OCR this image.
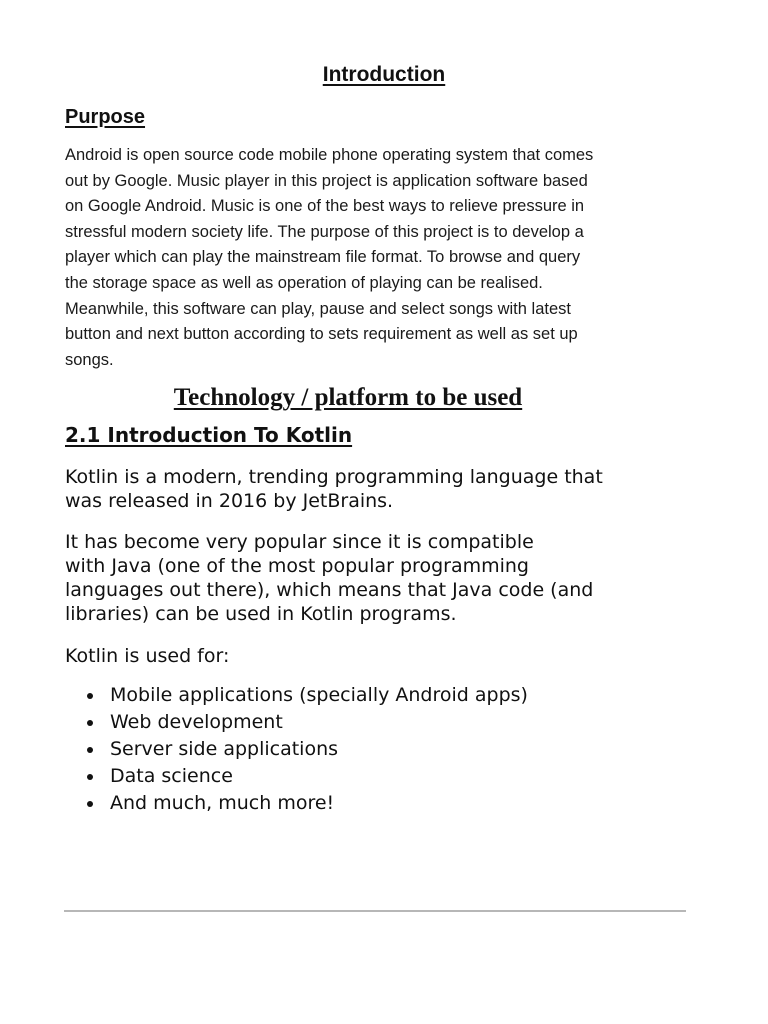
Introduction
Purpose

Android is open source code mobile phone operating system that comes
out by Google. Music player in this project is application software based
on Google Android. Music is one of the best ways to relieve pressure in
stressful modern society life. The purpose of this project is to develop a
player which can play the mainstream file format. To browse and query
the storage space as well as operation of playing can be realised.
Meanwhile, this software can play, pause and select songs with latest
button and next button according to sets requirement as well as set up
songs.

Technology / platform to be used
2.1 Introduction To Kotlin

Kotlin is a modern, trending programming language that
was released in 2016 by JetBrains.

It has become very popular since it is compatible
with Java (one of the most popular programming
languages out there), which means that Java code (and
libraries) can be used in Kotlin programs.

Kotlin is used for:

Mobile applications (specially Android apps)
Web development
Server side applications
Data science
And much, much more!
